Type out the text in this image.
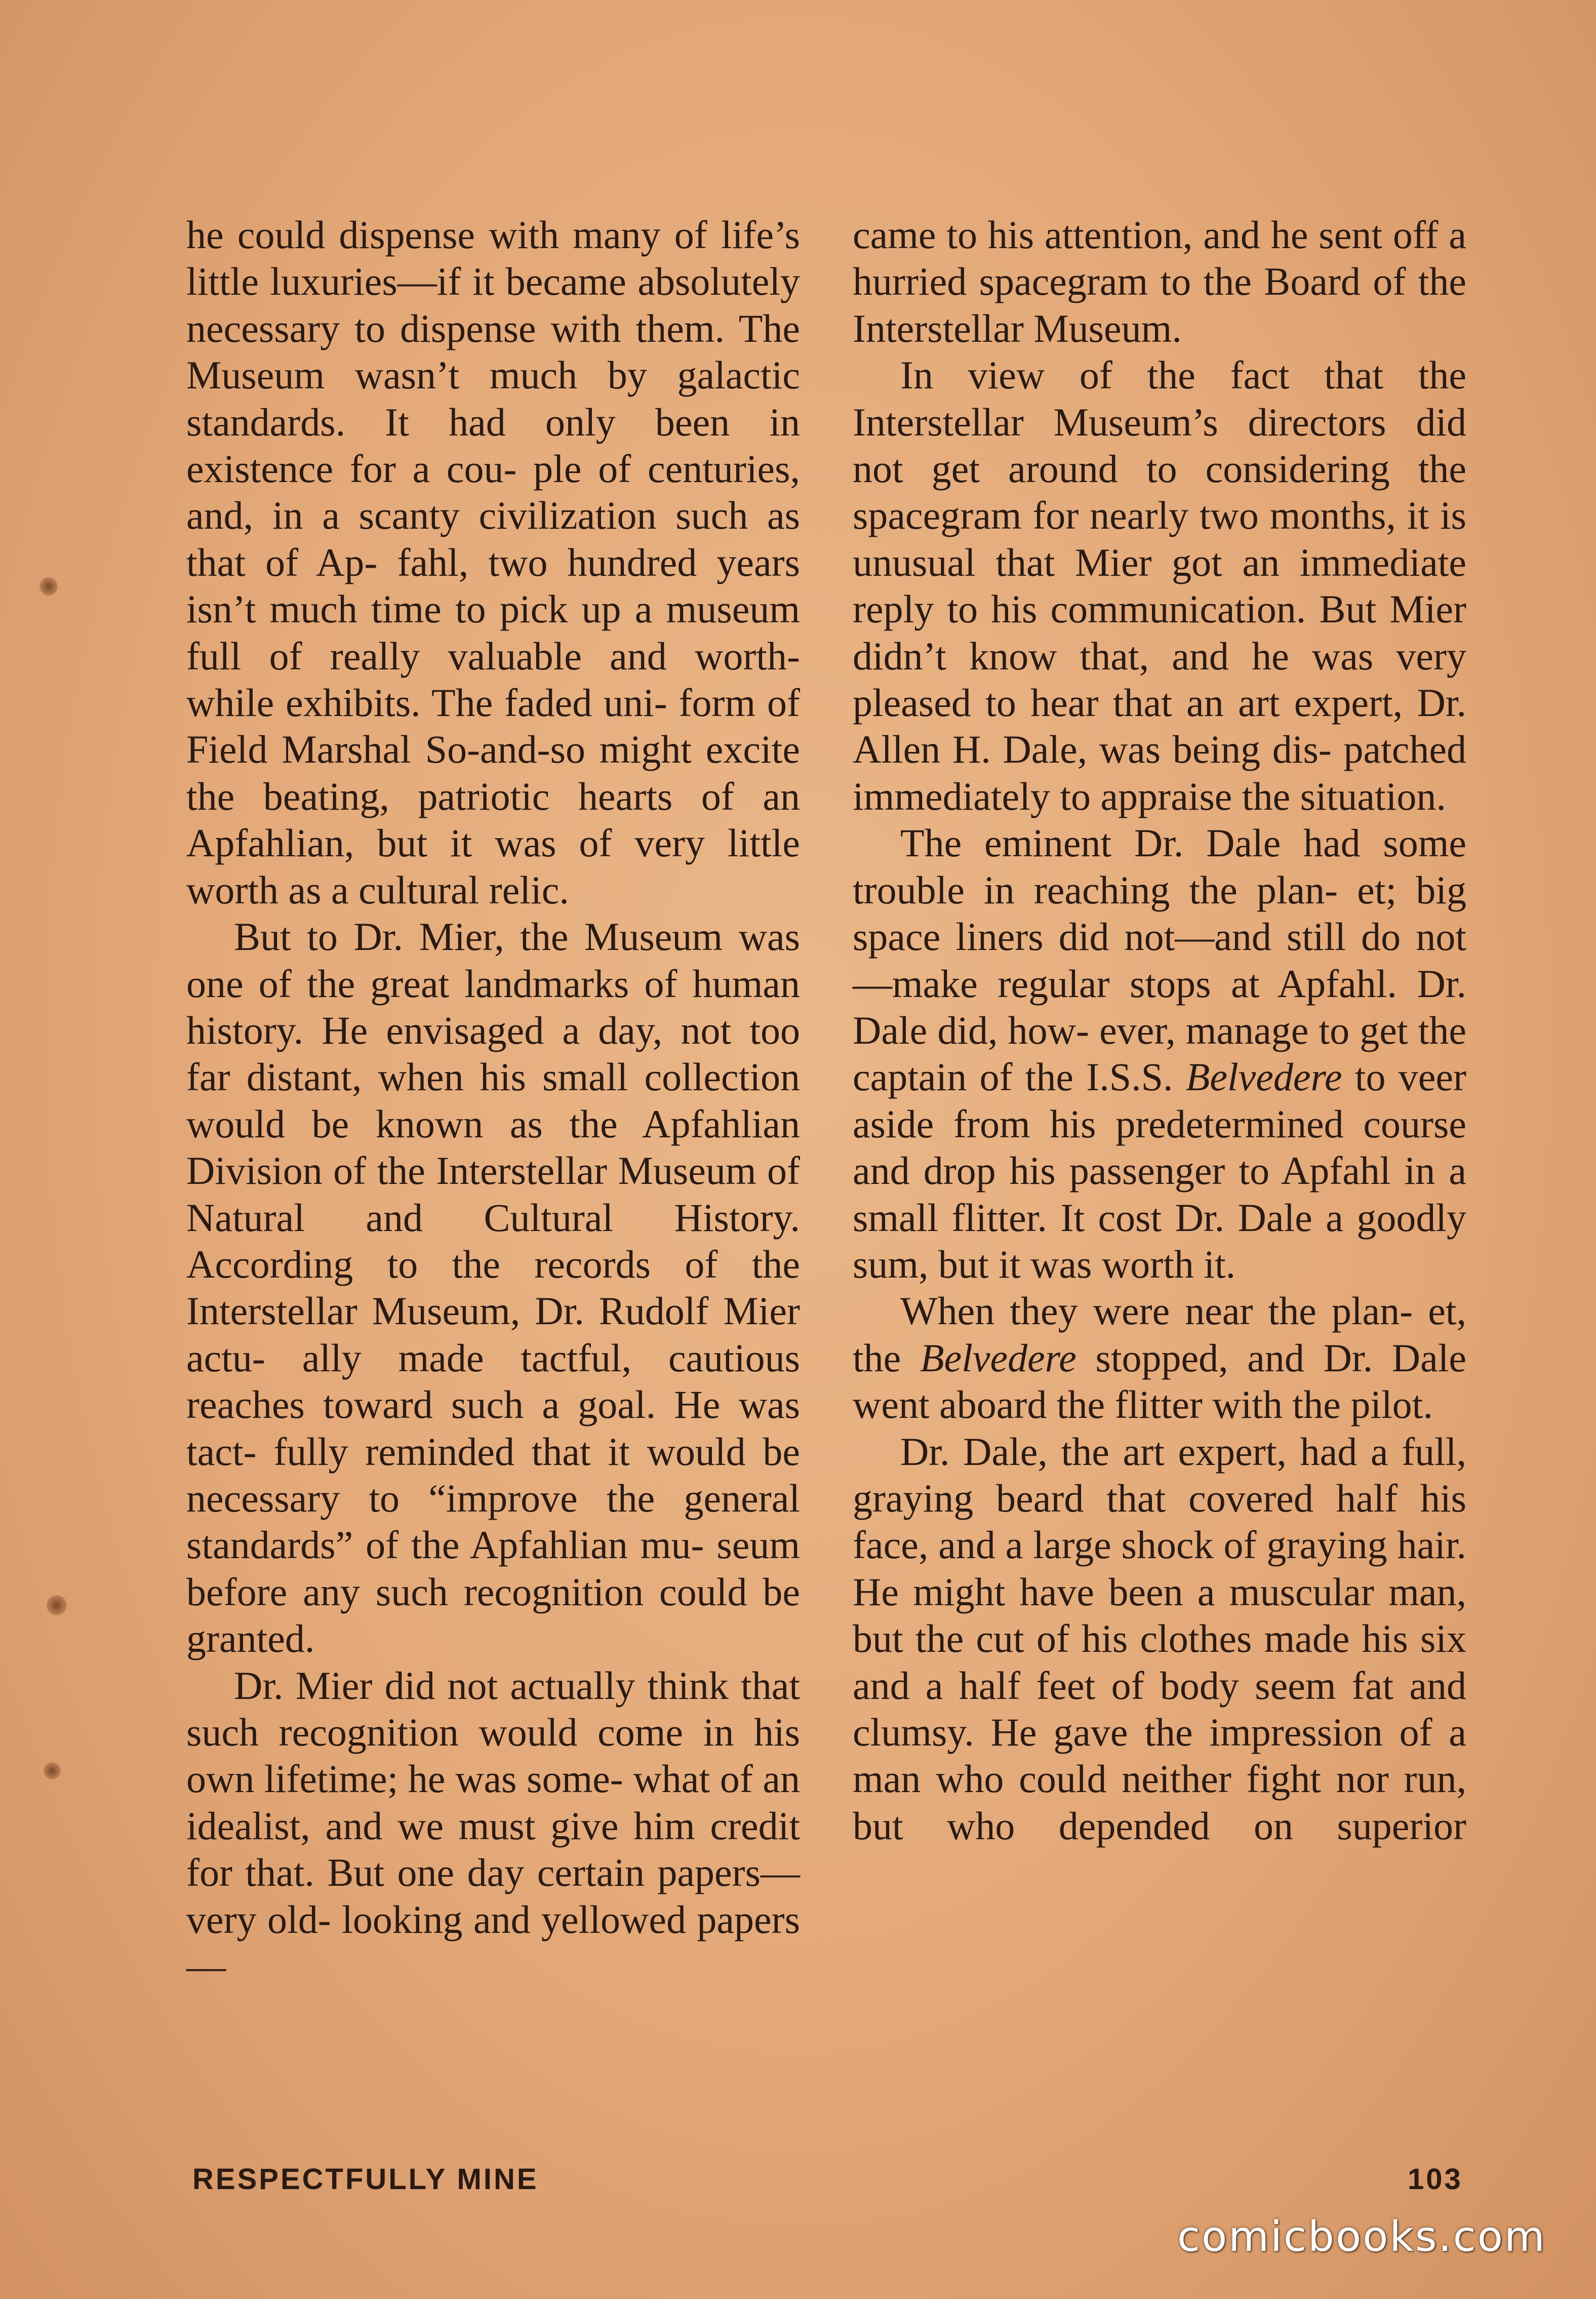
he could dispense with many of life’s little luxuries—if it became absolutely necessary to dispense with them. The Museum wasn’t much by galactic standards. It had only been in existence for a cou- ple of centuries, and, in a scanty civilization such as that of Ap- fahl, two hundred years isn’t much time to pick up a museum full of really valuable and worth- while exhibits. The faded uni- form of Field Marshal So-and-so might excite the beating, patriotic hearts of an Apfahlian, but it was of very little worth as a cultural relic.

But to Dr. Mier, the Museum was one of the great landmarks of human history. He envisaged a day, not too far distant, when his small collection would be known as the Apfahlian Division of the Interstellar Museum of Natural and Cultural History. According to the records of the Interstellar Museum, Dr. Rudolf Mier actu- ally made tactful, cautious reaches toward such a goal. He was tact- fully reminded that it would be necessary to “improve the general standards” of the Apfahlian mu- seum before any such recognition could be granted.

Dr. Mier did not actually think that such recognition would come in his own lifetime; he was some- what of an idealist, and we must give him credit for that. But one day certain papers—very old- looking and yellowed papers—

came to his attention, and he sent off a hurried spacegram to the Board of the Interstellar Museum.

In view of the fact that the Interstellar Museum’s directors did not get around to considering the spacegram for nearly two months, it is unusual that Mier got an immediate reply to his communication. But Mier didn’t know that, and he was very pleased to hear that an art expert, Dr. Allen H. Dale, was being dis- patched immediately to appraise the situation.

The eminent Dr. Dale had some trouble in reaching the plan- et; big space liners did not—and still do not—make regular stops at Apfahl. Dr. Dale did, how- ever, manage to get the captain of the I.S.S. Belvedere to veer aside from his predetermined course and drop his passenger to Apfahl in a small flitter. It cost Dr. Dale a goodly sum, but it was worth it.

When they were near the plan- et, the Belvedere stopped, and Dr. Dale went aboard the flitter with the pilot.

Dr. Dale, the art expert, had a full, graying beard that covered half his face, and a large shock of graying hair. He might have been a muscular man, but the cut of his clothes made his six and a half feet of body seem fat and clumsy. He gave the impression of a man who could neither fight nor run, but who depended on superior

RESPECTFULLY MINE	103
comicbooks.com
